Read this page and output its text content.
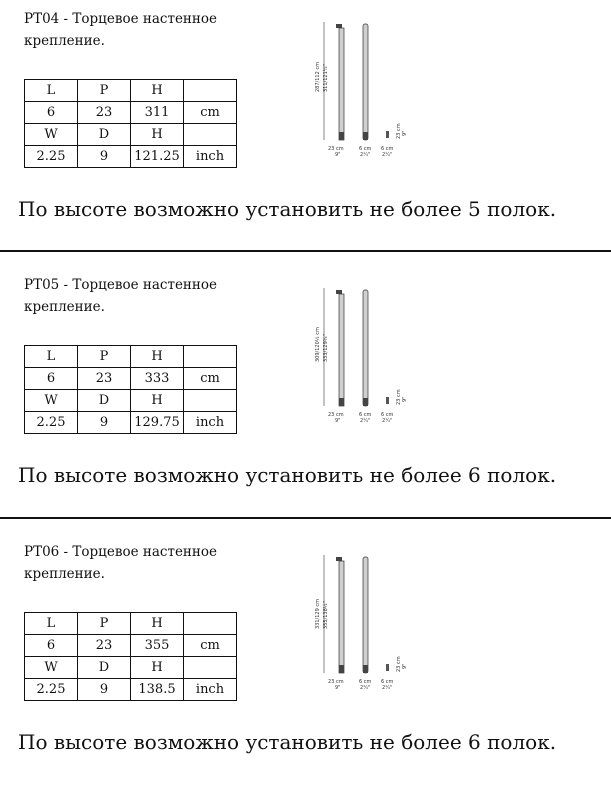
PT04 - Торцевое настенное крепление.
L	P	H	
6	23	311	cm
W	D	H	
2.25	9	121.25	inch
287/112 cm 311/121¼"
23 cm
9"
6 cm
2¼"
6 cm
2¼"
23 cm 9"
По высоте возможно установить не более 5 полок.
PT05 - Торцевое настенное крепление.
L	P	H	
6	23	333	cm
W	D	H	
2.25	9	129.75	inch
309/120½ cm 333/129¾"
23 cm
9"
6 cm
2¼"
6 cm
2¼"
23 cm 9"
По высоте возможно установить не более 6 полок.
PT06 - Торцевое настенное крепление.
L	P	H	
6	23	355	cm
W	D	H	
2.25	9	138.5	inch
331/129 cm 355/138½"
23 cm
9"
6 cm
2¼"
6 cm
2¼"
23 cm 9"
По высоте возможно установить не более 6 полок.
